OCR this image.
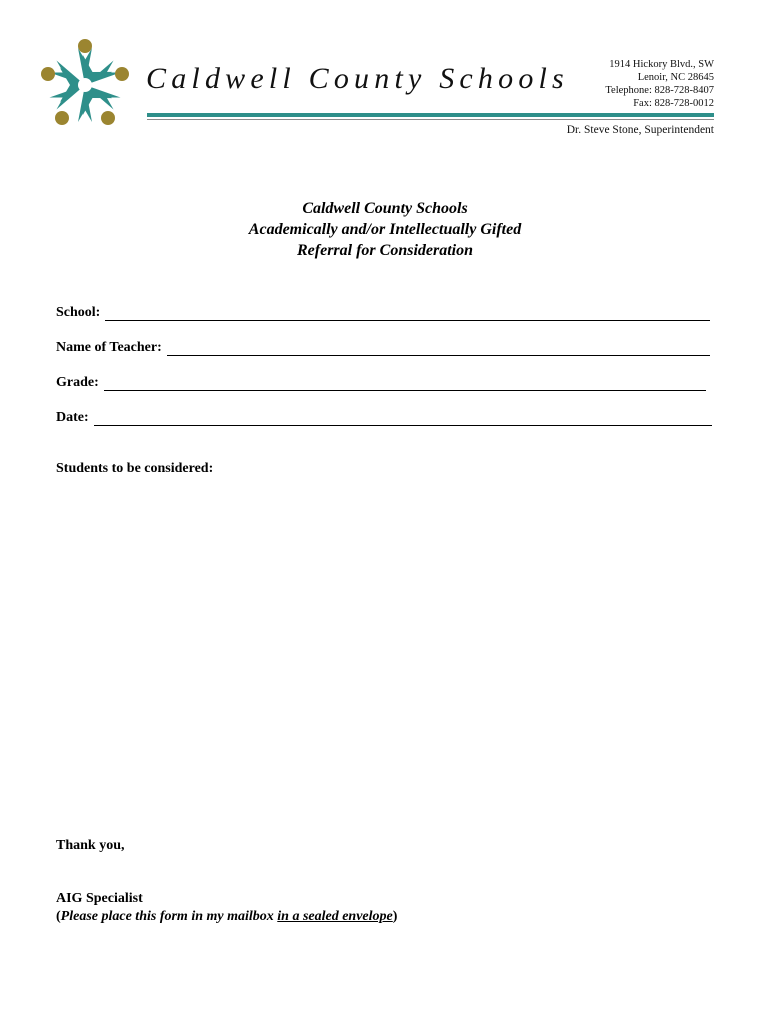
Caldwell County Schools	1914 Hickory Blvd., SW
Lenoir, NC 28645
Telephone: 828-728-8407
Fax: 828-728-0012
Dr. Steve Stone, Superintendent
Caldwell County Schools
Academically and/or Intellectually Gifted
Referral for Consideration
School:
Name of Teacher:
Grade:
Date:
Students to be considered:
Thank you,
AIG Specialist
(Please place this form in my mailbox in a sealed envelope)
